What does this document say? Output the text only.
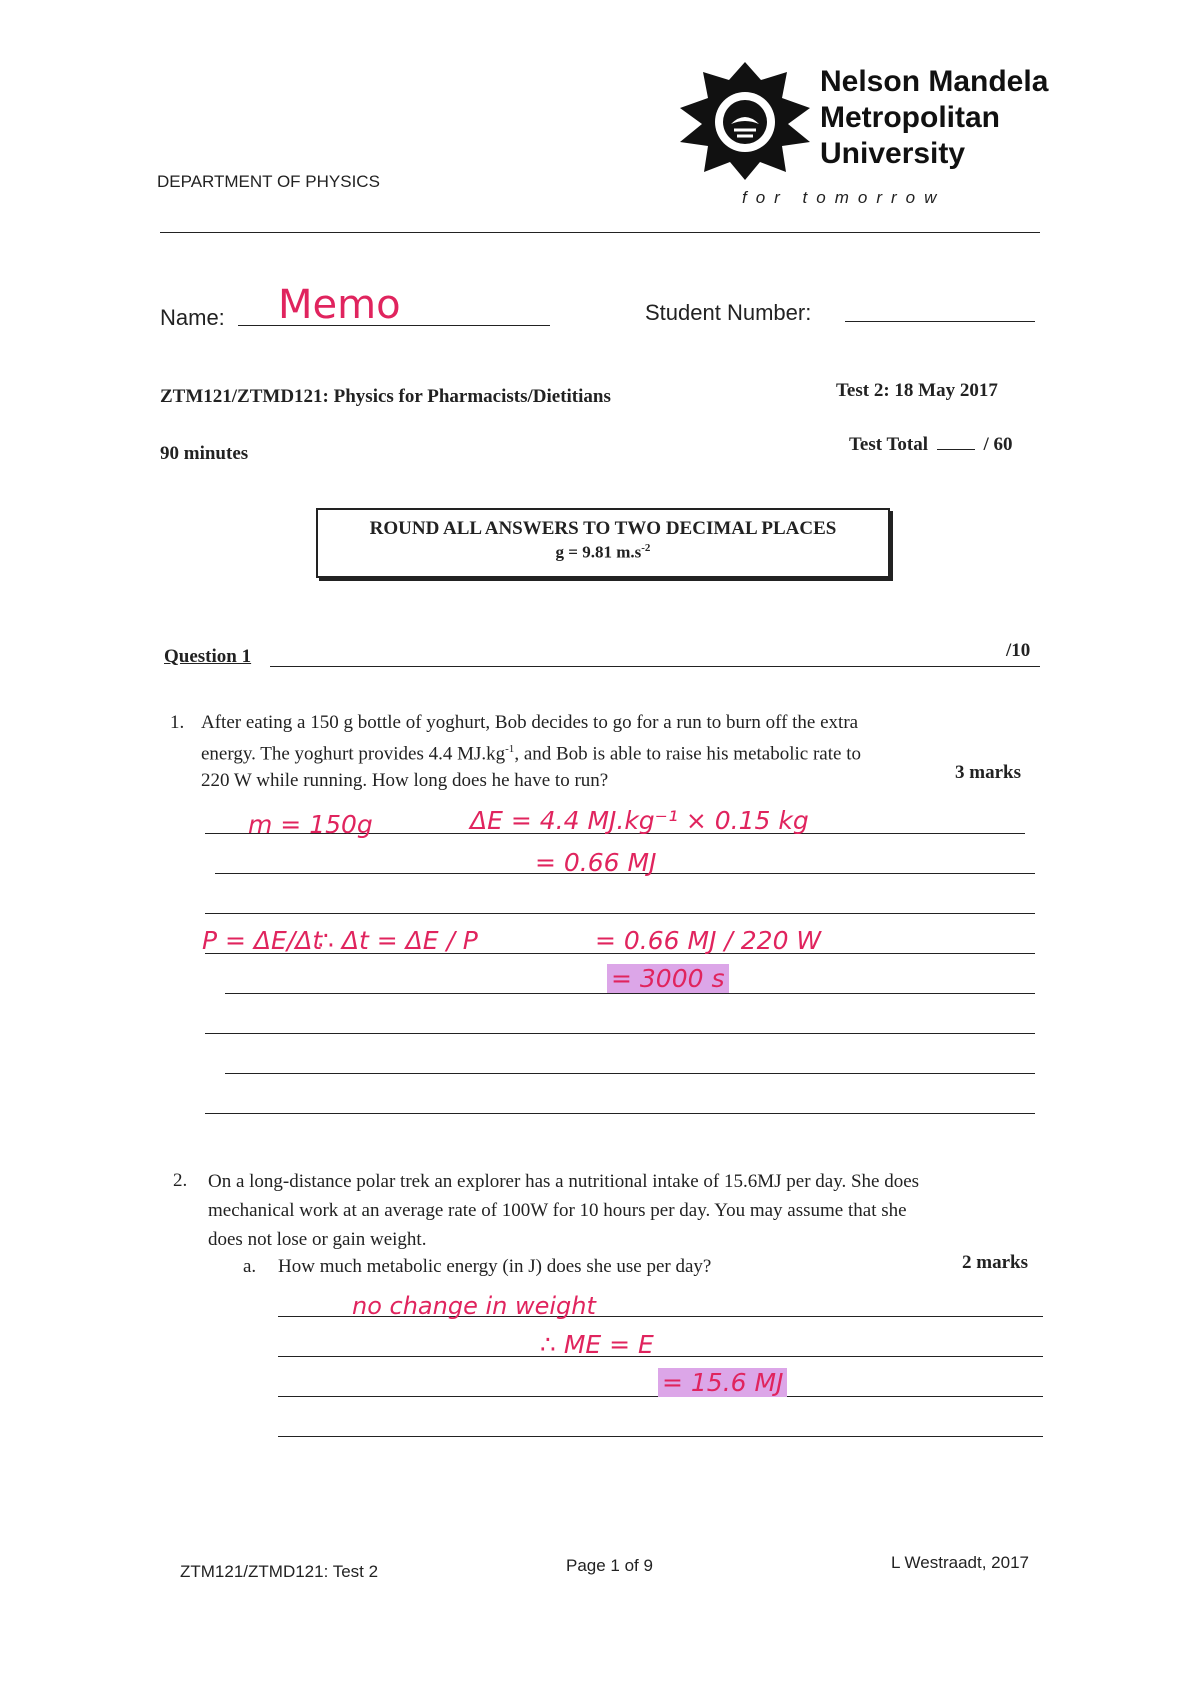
DEPARTMENT OF PHYSICS
Nelson Mandela
Metropolitan
University
for tomorrow
Name: Memo	Student Number:
ZTM121/ZTMD121: Physics for Pharmacists/Dietitians	Test 2: 18 May 2017
90 minutes	Test Total	/ 60
ROUND ALL ANSWERS TO TWO DECIMAL PLACES
g = 9.81 $m.s^{-2}$
Question 1	/10
1. After eating a 150 g bottle of yoghurt, Bob decides to go for a run to burn off the extra
energy. The yoghurt provides 4.4 $MJ.kg^{-1}$, and Bob is able to raise his metabolic rate to
220 W while running. How long does he have to run?	3 marks
m = 150g	ΔE = 4.4 MJ.kg⁻¹ × 0.15 kg
= 0.66 MJ
P = ΔE/Δt
∴ Δt = ΔE / P	= 0.66 MJ / 220 W
= 3000 s
2. On a long-distance polar trek an explorer has a nutritional intake of 15.6MJ per day. She does
mechanical work at an average rate of 100W for 10 hours per day. You may assume that she
does not lose or gain weight.
a. How much metabolic energy (in J) does she use per day?	2 marks
no change in weight
∴ ME = E
= 15.6 MJ
ZTM121/ZTMD121: Test 2	Page 1 of 9	L Westraadt, 2017
